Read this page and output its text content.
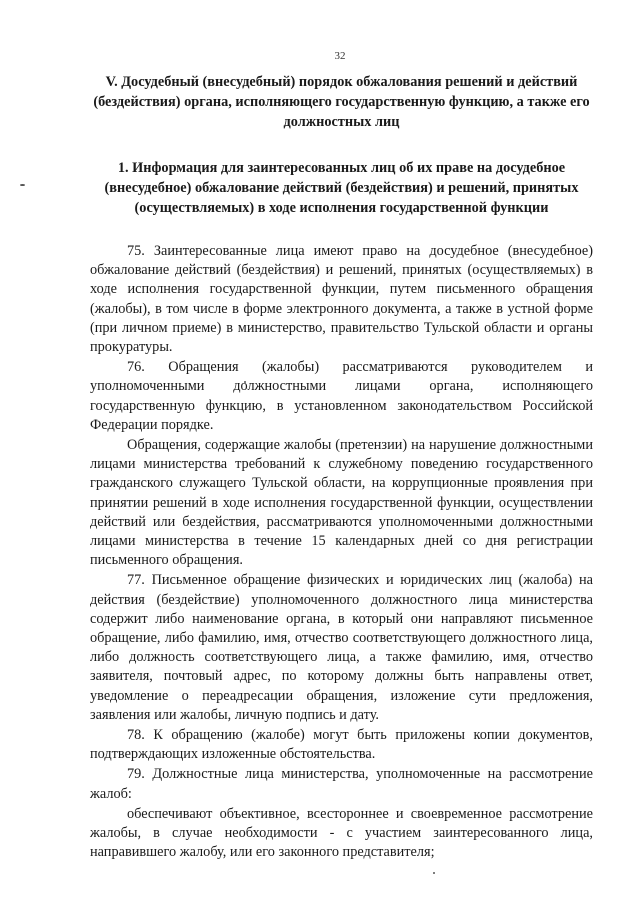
32

V. Досудебный (внесудебный) порядок обжалования решений и действий (бездействия) органа, исполняющего государственную функцию, а также его должностных лиц

1. Информация для заинтересованных лиц об их праве на досудебное (внесудебное) обжалование действий (бездействия) и решений, принятых (осуществляемых) в ходе исполнения государственной функции

75. Заинтересованные лица имеют право на досудебное (внесудебное) обжалование действий (бездействия) и решений, принятых (осуществляемых) в ходе исполнения государственной функции, путем письменного обращения (жалобы), в том числе в форме электронного документа, а также в устной форме (при личном приеме) в министерство, правительство Тульской области и органы прокуратуры.

76. Обращения (жалобы) рассматриваются руководителем и уполномоченными должностными лицами органа, исполняющего государственную функцию, в установленном законодательством Российской Федерации порядке.

Обращения, содержащие жалобы (претензии) на нарушение должностными лицами министерства требований к служебному поведению государственного гражданского служащего Тульской области, на коррупционные проявления при принятии решений в ходе исполнения государственной функции, осуществлении действий или бездействия, рассматриваются уполномоченными должностными лицами министерства в течение 15 календарных дней со дня регистрации письменного обращения.

77. Письменное обращение физических и юридических лиц (жалоба) на действия (бездействие) уполномоченного должностного лица министерства содержит либо наименование органа, в который они направляют письменное обращение, либо фамилию, имя, отчество соответствующего должностного лица, либо должность соответствующего лица, а также фамилию, имя, отчество заявителя, почтовый адрес, по которому должны быть направлены ответ, уведомление о переадресации обращения, изложение сути предложения, заявления или жалобы, личную подпись и дату.

78. К обращению (жалобе) могут быть приложены копии документов, подтверждающих изложенные обстоятельства.

79. Должностные лица министерства, уполномоченные на рассмотрение жалоб:

обеспечивают объективное, всестороннее и своевременное рассмотрение жалобы, в случае необходимости - с участием заинтересованного лица, направившего жалобу, или его законного представителя;
